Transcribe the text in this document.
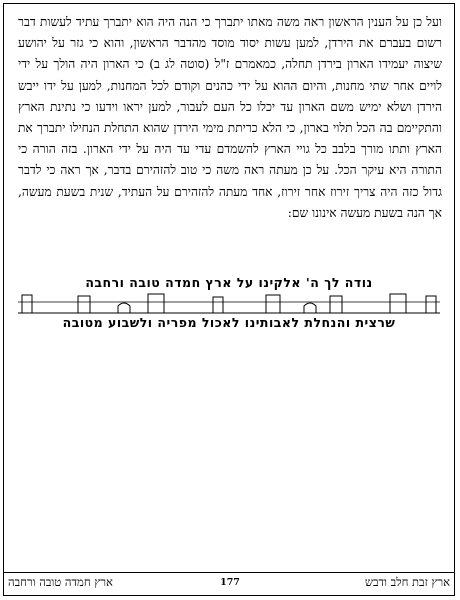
ועל כן על הענין הראשון ראה משה מאתו יתברך כי הנה היה הוא יתברך עתיד לעשות דבר רשום בעברם את הירדן, למען עשות יסוד מוסד מהדבר הראשון, והוא כי גזר על יהושע שיצוה יעמידו הארון בירדן תחלה, כמאמרם ז"ל (סוטה לג ב) כי הארון היה הולך על ידי לויים אחר שתי מחנות, והיום ההוא על ידי כהנים וקודם לכל המחנות, למען על ידו ייבש הירדן ושלא ימיש משם הארון עד יכלו כל העם לעבור, למען יראו וידעו כי נתינת הארץ והתקיימם בה הכל תלוי בארון, כי הלא כריתת מימי הירדן שהוא התחלת הנחילו יתברך את הארץ ותתו מורך בלבב כל גויי הארץ להשמדם עדי עד היה על ידי הארון. בזה הורה כי התורה היא עיקר הכל. על כן מעתה ראה משה כי טוב להזהירם בדבר, אך ראה כי לדבר גדול כזה היה צריך זירוז אחר זירוז, אחד מעתה להזהירם על העתיד, שנית בשעת מעשה, אך הנה בשעת מעשה אינונו שם:
נודה לך ה' אלקינו על ארץ חמדה טובה ורחבה
שרצית והנחלת לאבותינו לאכול מפריה ולשבוע מטובה
ארץ זבת חלב ודבש
177
ארץ חמדה טובה ורחבה
